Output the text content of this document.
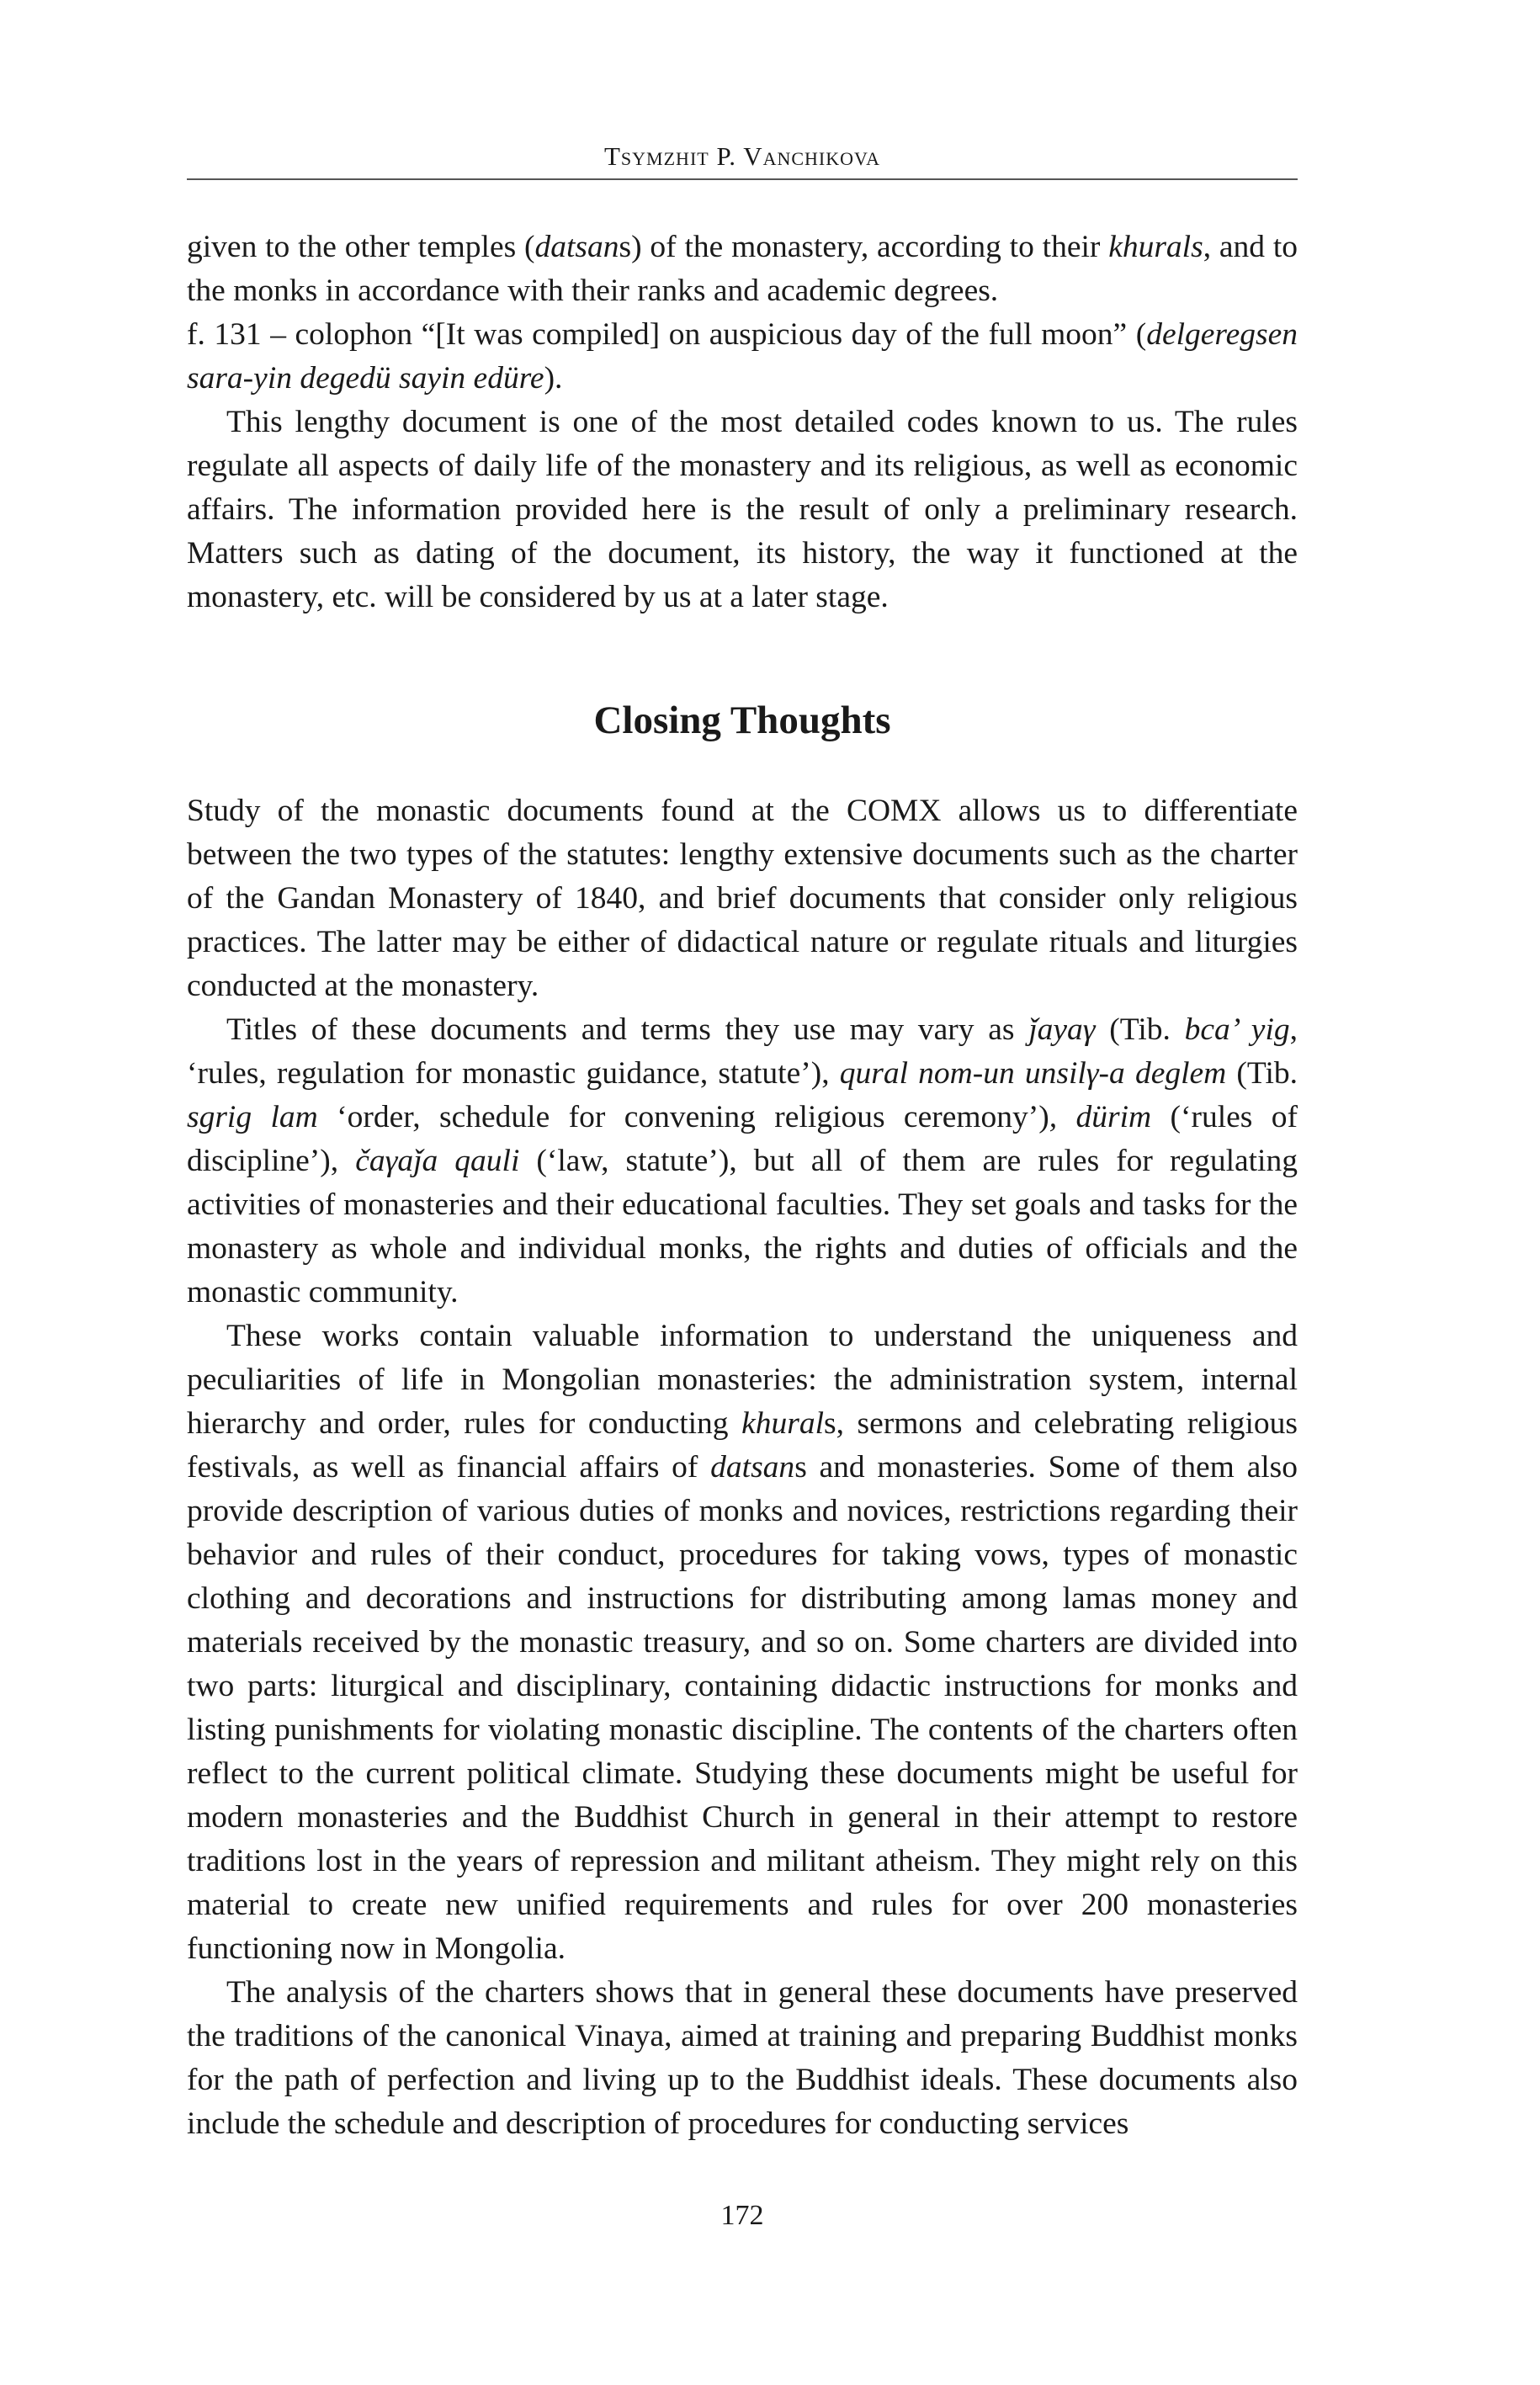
Tsymzhit P. Vanchikova

given to the other temples (datsans) of the monastery, according to their khurals, and to the monks in accordance with their ranks and academic degrees.

f. 131 – colophon “[It was compiled] on auspicious day of the full moon” (delgeregsen sara-yin degedü sayin edüre).

This lengthy document is one of the most detailed codes known to us. The rules regulate all aspects of daily life of the monastery and its religious, as well as economic affairs. The information provided here is the result of only a preliminary research. Matters such as dating of the document, its history, the way it functioned at the monastery, etc. will be considered by us at a later stage.

Closing Thoughts

Study of the monastic documents found at the COMX allows us to differentiate between the two types of the statutes: lengthy extensive documents such as the charter of the Gandan Monastery of 1840, and brief documents that consider only religious practices. The latter may be either of didactical nature or regulate rituals and liturgies conducted at the monastery.

Titles of these documents and terms they use may vary as ǰayaγ (Tib. bca’ yig, ‘rules, regulation for monastic guidance, statute’), qural nom-un unsilγ-a deglem (Tib. sgrig lam ‘order, schedule for convening religious ceremony’), dürim (‘rules of discipline’), čaγaǰa qauli (‘law, statute’), but all of them are rules for regulating activities of monasteries and their educational faculties. They set goals and tasks for the monastery as whole and individual monks, the rights and duties of officials and the monastic community.

These works contain valuable information to understand the uniqueness and peculiarities of life in Mongolian monasteries: the administration system, internal hierarchy and order, rules for conducting khurals, sermons and celebrating religious festivals, as well as financial affairs of datsans and monasteries. Some of them also provide description of various duties of monks and novices, restrictions regarding their behavior and rules of their conduct, procedures for taking vows, types of monastic clothing and decorations and instructions for distributing among lamas money and materials received by the monastic treasury, and so on. Some charters are divided into two parts: liturgical and disciplinary, containing didactic instructions for monks and listing punishments for violating monastic discipline. The contents of the charters often reflect to the current political climate. Studying these documents might be useful for modern monasteries and the Buddhist Church in general in their attempt to restore traditions lost in the years of repression and militant atheism. They might rely on this material to create new unified requirements and rules for over 200 monasteries functioning now in Mongolia.

The analysis of the charters shows that in general these documents have preserved the traditions of the canonical Vinaya, aimed at training and preparing Buddhist monks for the path of perfection and living up to the Buddhist ideals. These documents also include the schedule and description of procedures for conducting services

172
